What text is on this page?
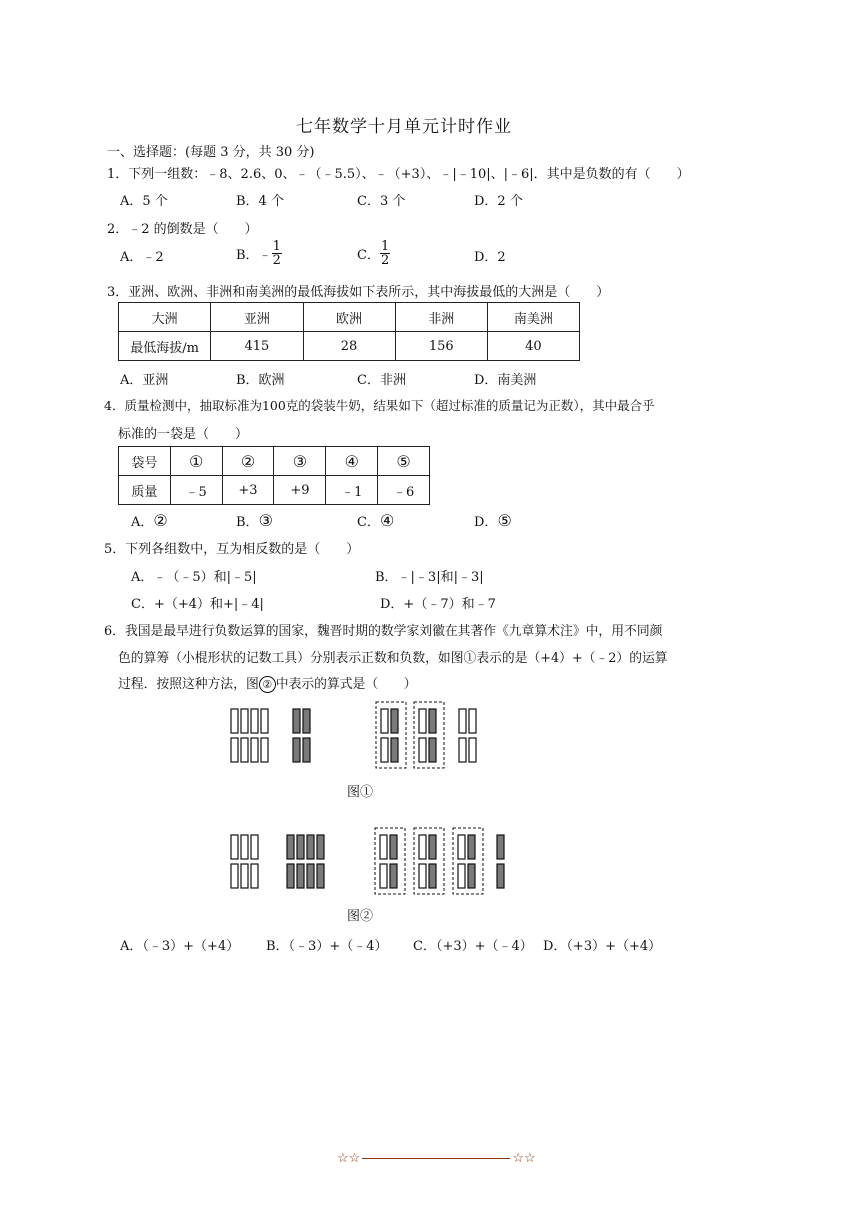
七年数学十月单元计时作业
一、选择题：(每题 3 分，共 30 分)
1．下列一组数：﹣8、2.6、0、﹣（﹣5.5）、﹣（+3）、﹣|﹣10|、|﹣6|．其中是负数的有（　　）
A．5 个	B．4 个	C．3 个	D．2 个
2．﹣2 的倒数是（　　）
A．﹣2	B．﹣ $\frac{1}{2}$	C． $\frac{1}{2}$	D．2
3．亚洲、欧洲、非洲和南美洲的最低海拔如下表所示，其中海拔最低的大洲是（　　）
大洲	亚洲	欧洲	非洲	南美洲
最低海拔/m	415	28	156	40
A．亚洲	B．欧洲	C．非洲	D．南美洲
4．质量检测中，抽取标准为100克的袋装牛奶，结果如下（超过标准的质量记为正数），其中最合乎
标准的一袋是（　　）
袋号	①	②	③	④	⑤
质量	﹣5	+3	+9	﹣1	﹣6
A．②	B．③	C．④	D．⑤
5．下列各组数中，互为相反数的是（　　）
A．﹣（﹣5）和|﹣5|	B．﹣|﹣3|和|﹣3|
C．+（+4）和+|﹣4|	D．+（﹣7）和﹣7
6．我国是最早进行负数运算的国家，魏晋时期的数学家刘徽在其著作《九章算术注》中，用不同颜
色的算筹（小棍形状的记数工具）分别表示正数和负数，如图①表示的是（+4）+（﹣2）的运算
过程．按照这种方法，图 ② 中表示的算式是（　　）
图①
图②
A．（﹣3）+（+4） B．（﹣3）+（﹣4） C．（+3）+（﹣4） D．（+3）+（+4）
☆☆	☆☆
